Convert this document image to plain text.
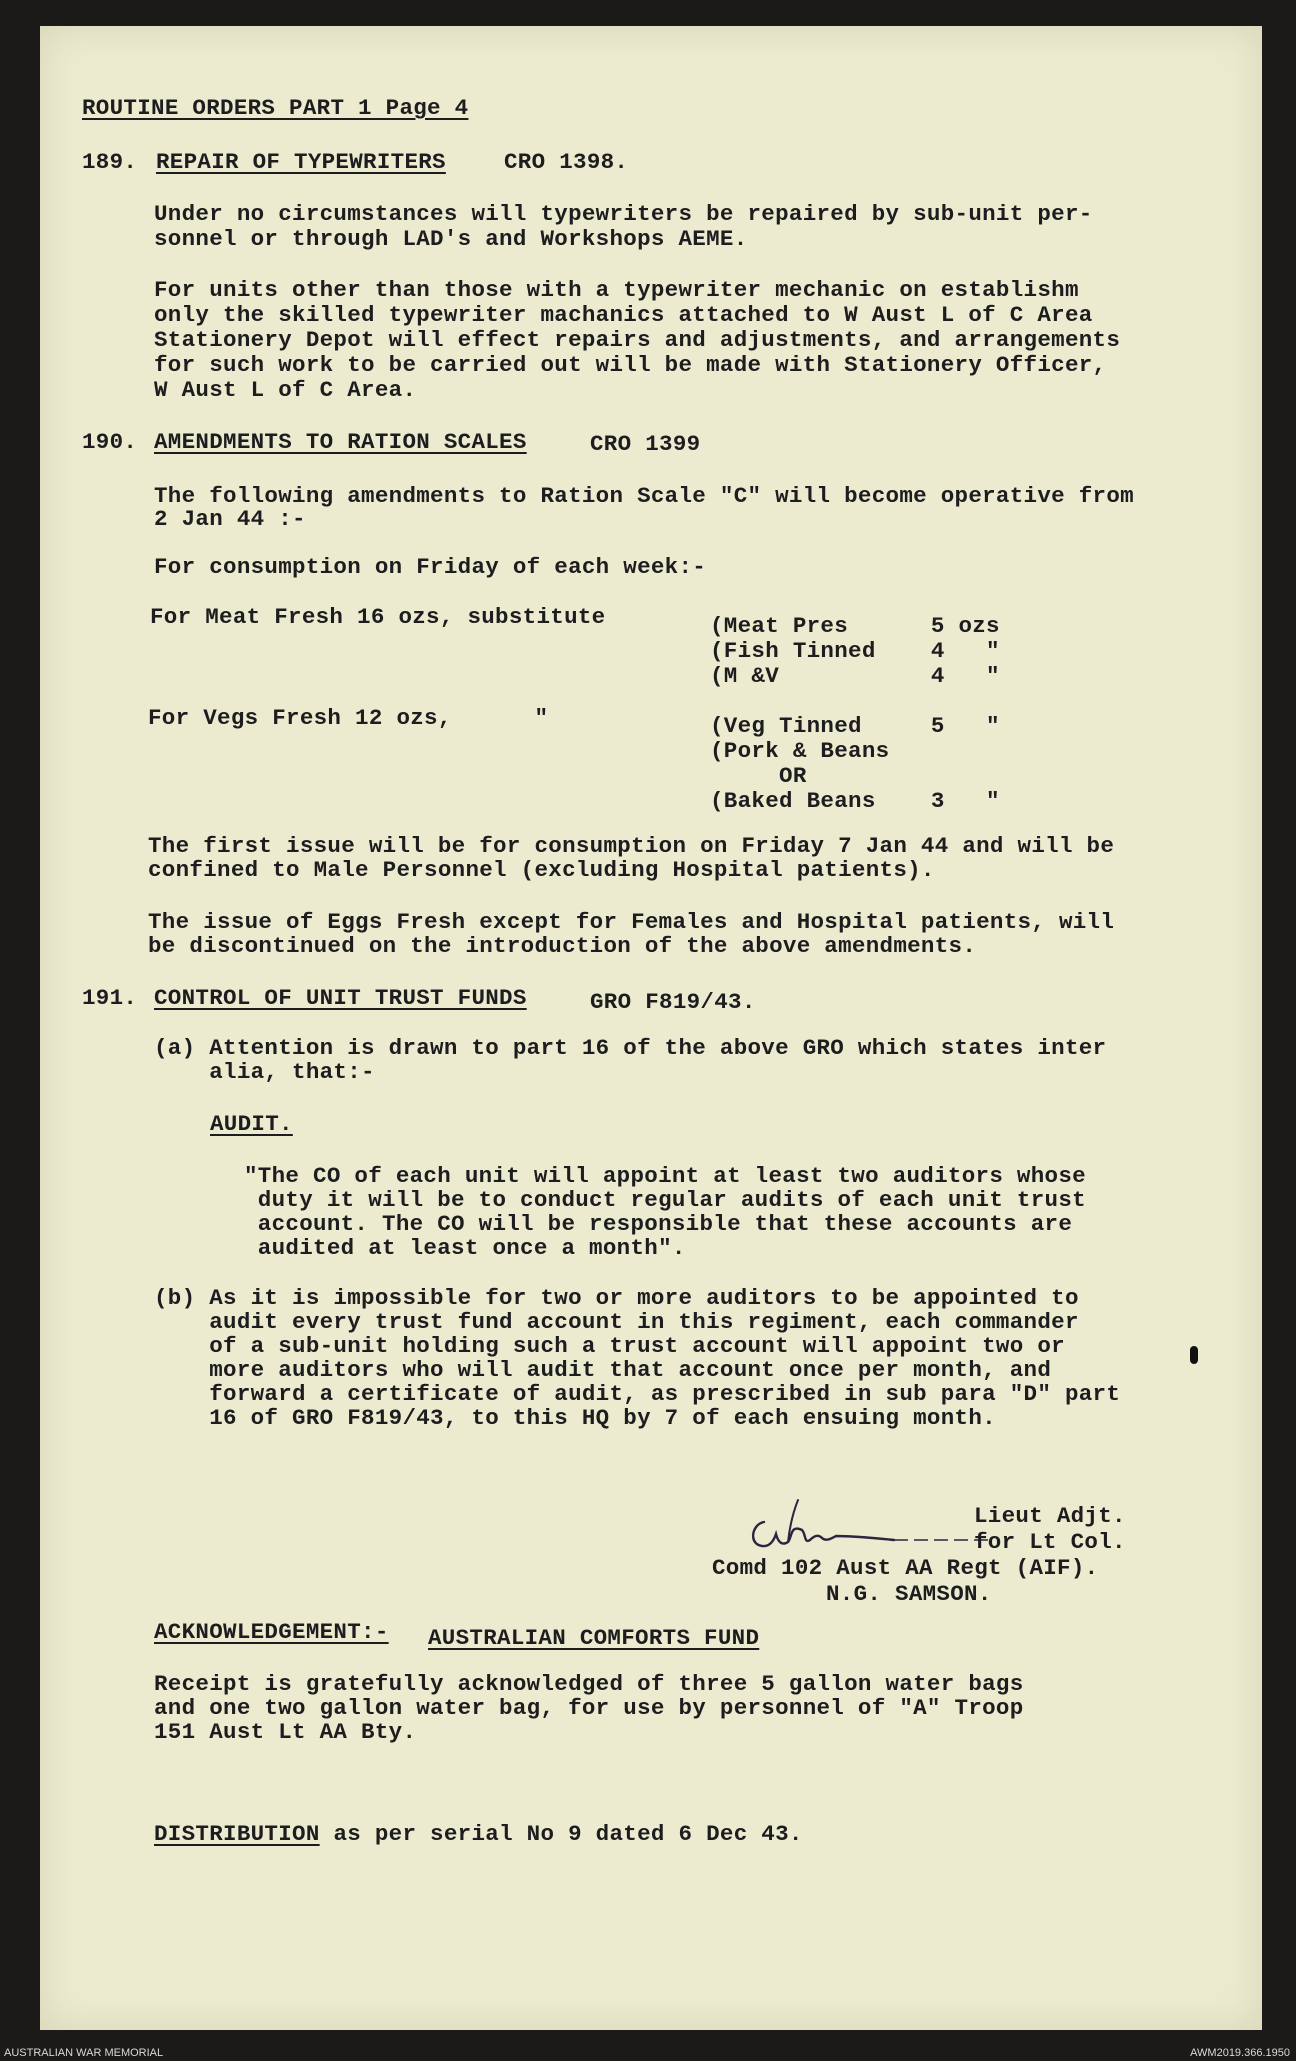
ROUTINE ORDERS PART 1 Page 4
189. REPAIR OF TYPEWRITERS	CRO 1398.
Under no circumstances will typewriters be repaired by sub-unit per-
sonnel or through LAD's and Workshops AEME.
For units other than those with a typewriter mechanic on establishm
only the skilled typewriter machanics attached to W Aust L of C Area
Stationery Depot will effect repairs and adjustments, and arrangements
for such work to be carried out will be made with Stationery Officer,
W Aust L of C Area.
190. AMENDMENTS TO RATION SCALES	CRO 1399
The following amendments to Ration Scale "C" will become operative from
2 Jan 44 :-
For consumption on Friday of each week:-
For Meat Fresh 16 ozs, substitute	(Meat Pres      5 ozs
(Fish Tinned    4   "
(M &V           4   "
For Vegs Fresh 12 ozs,      "	(Veg Tinned     5   "
(Pork & Beans
OR
(Baked Beans    3   "
The first issue will be for consumption on Friday 7 Jan 44 and will be
confined to Male Personnel (excluding Hospital patients).
The issue of Eggs Fresh except for Females and Hospital patients, will
be discontinued on the introduction of the above amendments.
191. CONTROL OF UNIT TRUST FUNDS	GRO F819/43.
(a) Attention is drawn to part 16 of the above GRO which states inter
alia, that:-
AUDIT.
"The CO of each unit will appoint at least two auditors whose
duty it will be to conduct regular audits of each unit trust
account. The CO will be responsible that these accounts are
audited at least once a month".
(b) As it is impossible for two or more auditors to be appointed to
audit every trust fund account in this regiment, each commander
of a sub-unit holding such a trust account will appoint two or
more auditors who will audit that account once per month, and
forward a certificate of audit, as prescribed in sub para "D" part
16 of GRO F819/43, to this HQ by 7 of each ensuing month.
Lieut Adjt.
for Lt Col.
Comd 102 Aust AA Regt (AIF).
N.G. SAMSON.
ACKNOWLEDGEMENT:- AUSTRALIAN COMFORTS FUND
Receipt is gratefully acknowledged of three 5 gallon water bags
and one two gallon water bag, for use by personnel of "A" Troop
151 Aust Lt AA Bty.
DISTRIBUTION as per serial No 9 dated 6 Dec 43.
AUSTRALIAN WAR MEMORIAL	AWM2019.366.1950
